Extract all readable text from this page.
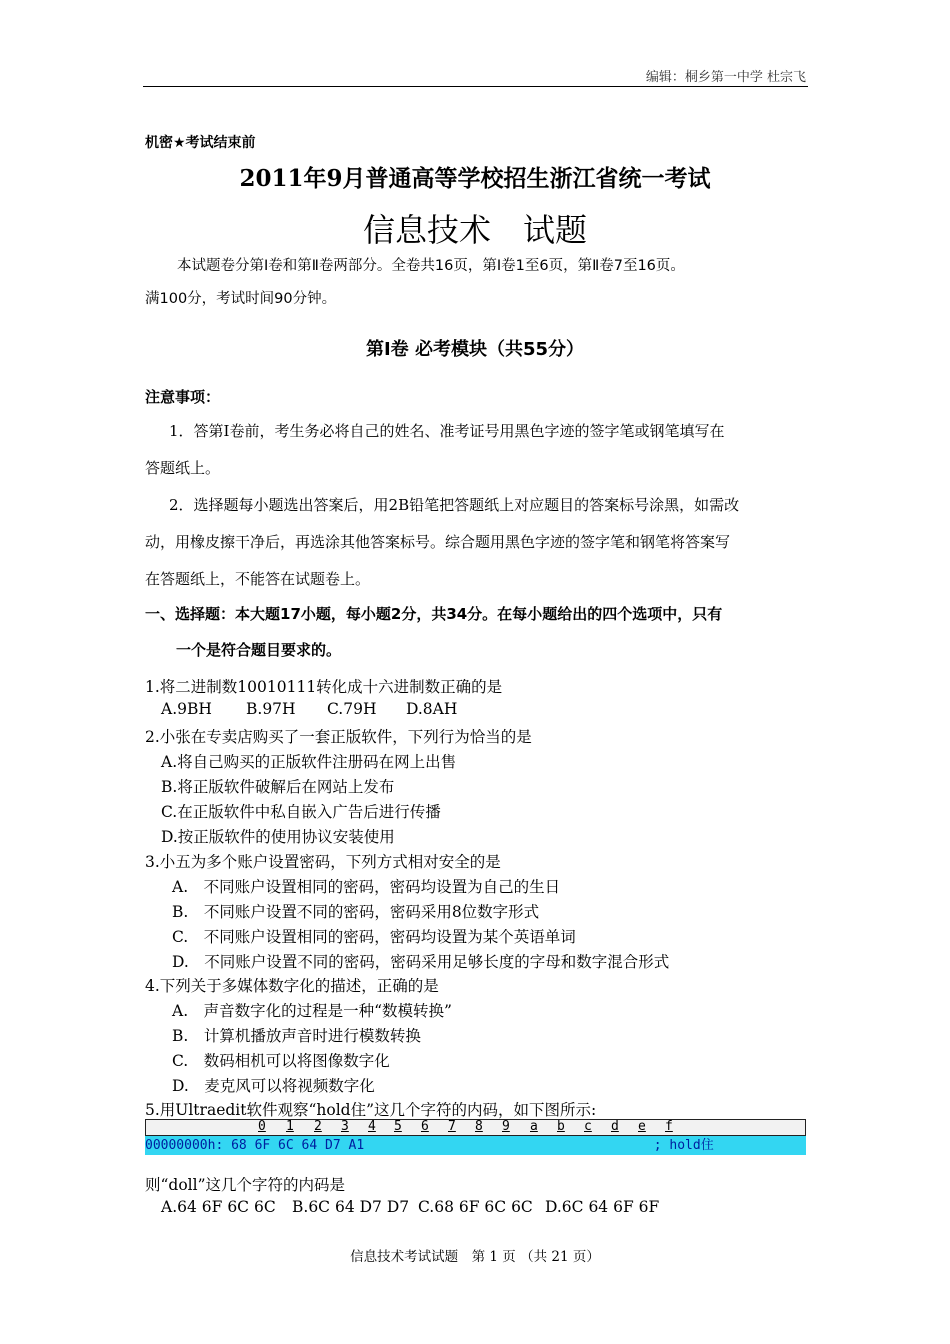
编辑：桐乡第一中学 杜宗飞
机密★考试结束前
2011年9月普通高等学校招生浙江省统一考试
信息技术　试题
本试题卷分第Ⅰ卷和第Ⅱ卷两部分。全卷共16页，第Ⅰ卷1至6页，第Ⅱ卷7至16页。
满100分，考试时间90分钟。
第Ⅰ卷 必考模块（共55分）
注意事项：
1．答第Ⅰ卷前，考生务必将自己的姓名、准考证号用黑色字迹的签字笔或钢笔填写在
答题纸上。
2．选择题每小题选出答案后，用2B铅笔把答题纸上对应题目的答案标号涂黑，如需改
动，用橡皮擦干净后，再选涂其他答案标号。综合题用黑色字迹的签字笔和钢笔将答案写
在答题纸上，不能答在试题卷上。
一、选择题：本大题17小题，每小题2分，共34分。在每小题给出的四个选项中，只有
一个是符合题目要求的。
1.将二进制数10010111转化成十六进制数正确的是
A.9BH B.97H C.79H D.8AH
2.小张在专卖店购买了一套正版软件，下列行为恰当的是
A.将自己购买的正版软件注册码在网上出售
B.将正版软件破解后在网站上发布
C.在正版软件中私自嵌入广告后进行传播
D.按正版软件的使用协议安装使用
3.小五为多个账户设置密码，下列方式相对安全的是
A.　不同账户设置相同的密码，密码均设置为自己的生日
B.　不同账户设置不同的密码，密码采用8位数字形式
C.　不同账户设置相同的密码，密码均设置为某个英语单词
D.　不同账户设置不同的密码，密码采用足够长度的字母和数字混合形式
4.下列关于多媒体数字化的描述，正确的是
A.　声音数字化的过程是一种“数模转换”
B.　计算机播放声音时进行模数转换
C.　数码相机可以将图像数字化
D.　麦克风可以将视频数字化
5.用Ultraedit软件观察“hold住”这几个字符的内码，如下图所示:
0 1 2 3 4 5 6 7 8 9 a b c d e f
00000000h: 68 6F 6C 64 D7 A1                                     ; hold住
则“doll”这几个字符的内码是
A.64 6F 6C 6C B.6C 64 D7 D7 C.68 6F 6C 6C D.6C 64 6F 6F
信息技术考试试题　第 1 页 （共 21 页）
